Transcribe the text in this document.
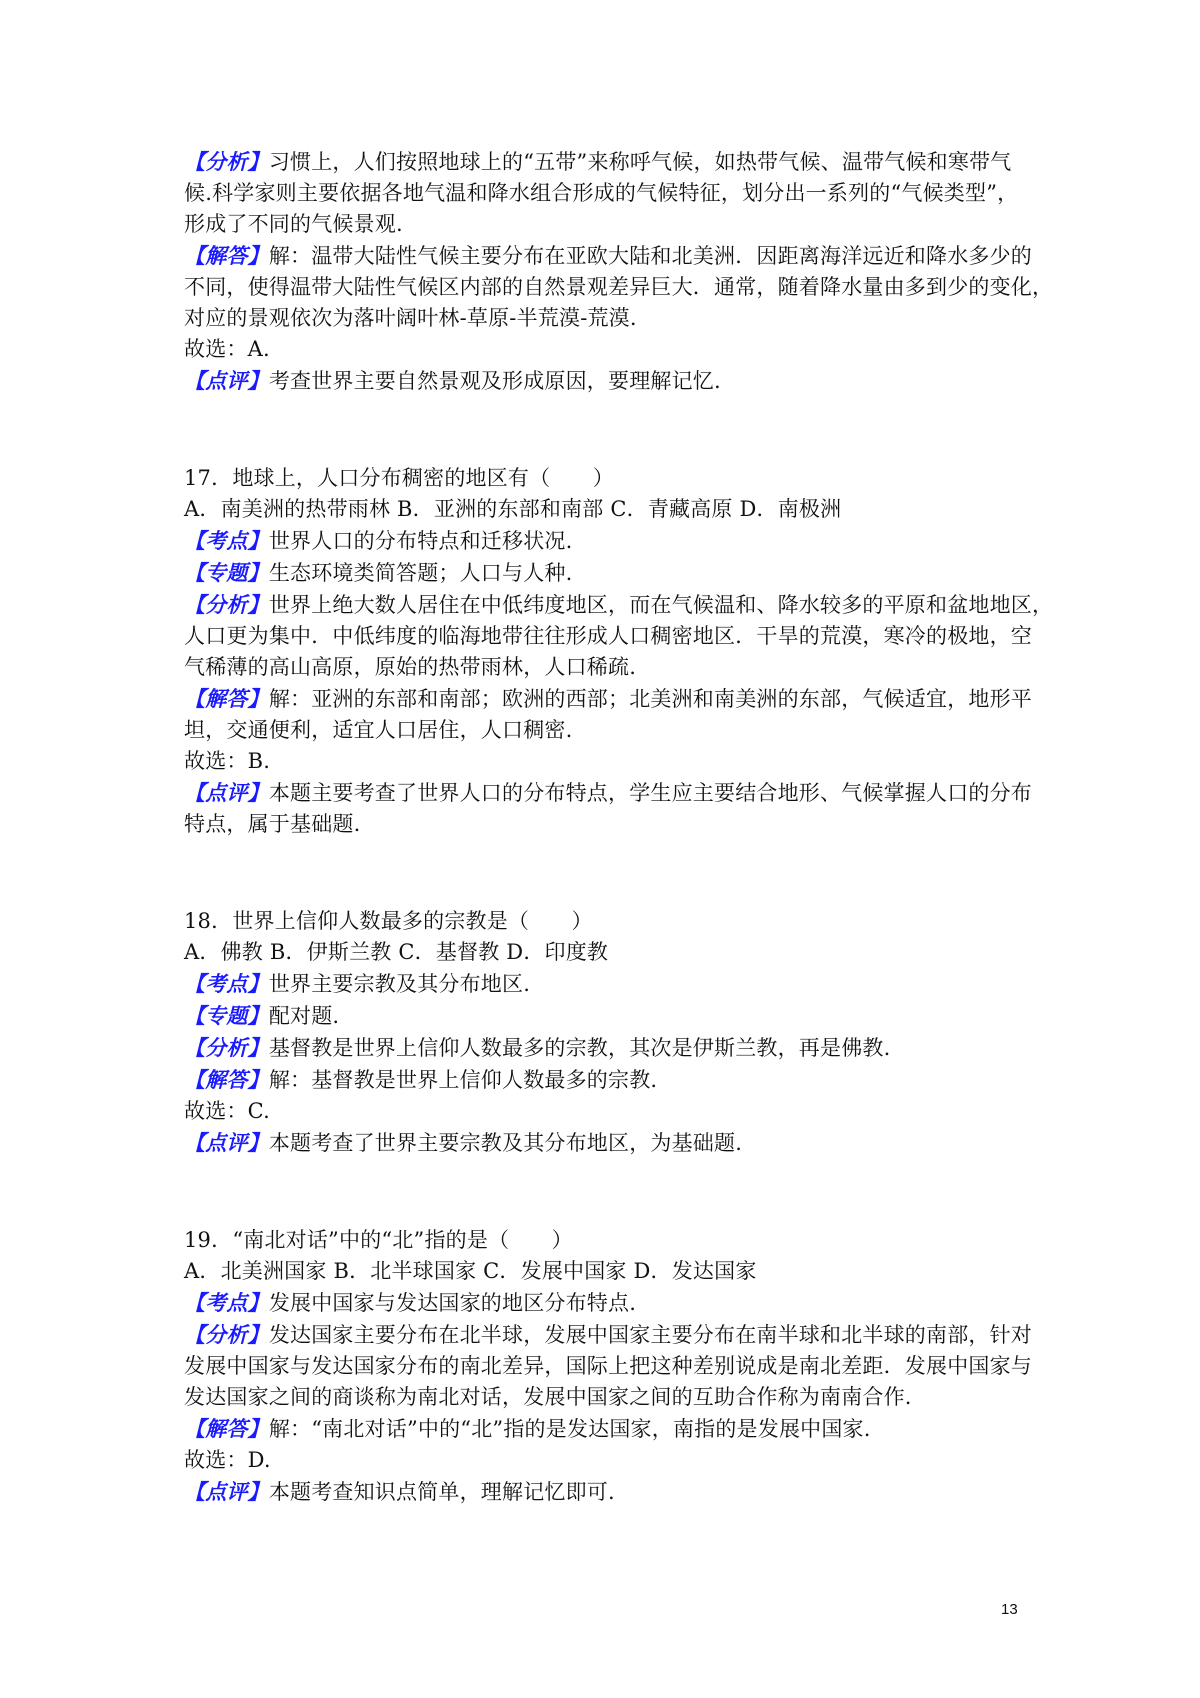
【分析】习惯上，人们按照地球上的“五带”来称呼气候，如热带气候、温带气候和寒带气
候.科学家则主要依据各地气温和降水组合形成的气候特征，划分出一系列的“气候类型”，
形成了不同的气候景观.
【解答】解：温带大陆性气候主要分布在亚欧大陆和北美洲．因距离海洋远近和降水多少的
不同，使得温带大陆性气候区内部的自然景观差异巨大．通常，随着降水量由多到少的变化，
对应的景观依次为落叶阔叶林-草原-半荒漠-荒漠.
故选：A.
【点评】考查世界主要自然景观及形成原因，要理解记忆.
17．地球上，人口分布稠密的地区有（　　）
A．南美洲的热带雨林 B．亚洲的东部和南部 C．青藏高原 D．南极洲
【考点】世界人口的分布特点和迁移状况.
【专题】生态环境类简答题；人口与人种.
【分析】世界上绝大数人居住在中低纬度地区，而在气候温和、降水较多的平原和盆地地区，
人口更为集中．中低纬度的临海地带往往形成人口稠密地区．干旱的荒漠，寒冷的极地，空
气稀薄的高山高原，原始的热带雨林，人口稀疏.
【解答】解：亚洲的东部和南部；欧洲的西部；北美洲和南美洲的东部，气候适宜，地形平
坦，交通便利，适宜人口居住，人口稠密.
故选：B.
【点评】本题主要考查了世界人口的分布特点，学生应主要结合地形、气候掌握人口的分布
特点，属于基础题.
18．世界上信仰人数最多的宗教是（　　）
A．佛教 B．伊斯兰教 C．基督教 D．印度教
【考点】世界主要宗教及其分布地区.
【专题】配对题.
【分析】基督教是世界上信仰人数最多的宗教，其次是伊斯兰教，再是佛教.
【解答】解：基督教是世界上信仰人数最多的宗教.
故选：C.
【点评】本题考查了世界主要宗教及其分布地区，为基础题.
19．“南北对话”中的“北”指的是（　　）
A．北美洲国家 B．北半球国家 C．发展中国家 D．发达国家
【考点】发展中国家与发达国家的地区分布特点.
【分析】发达国家主要分布在北半球，发展中国家主要分布在南半球和北半球的南部，针对
发展中国家与发达国家分布的南北差异，国际上把这种差别说成是南北差距．发展中国家与
发达国家之间的商谈称为南北对话，发展中国家之间的互助合作称为南南合作.
【解答】解：“南北对话”中的“北”指的是发达国家，南指的是发展中国家.
故选：D.
【点评】本题考查知识点简单，理解记忆即可.
13
